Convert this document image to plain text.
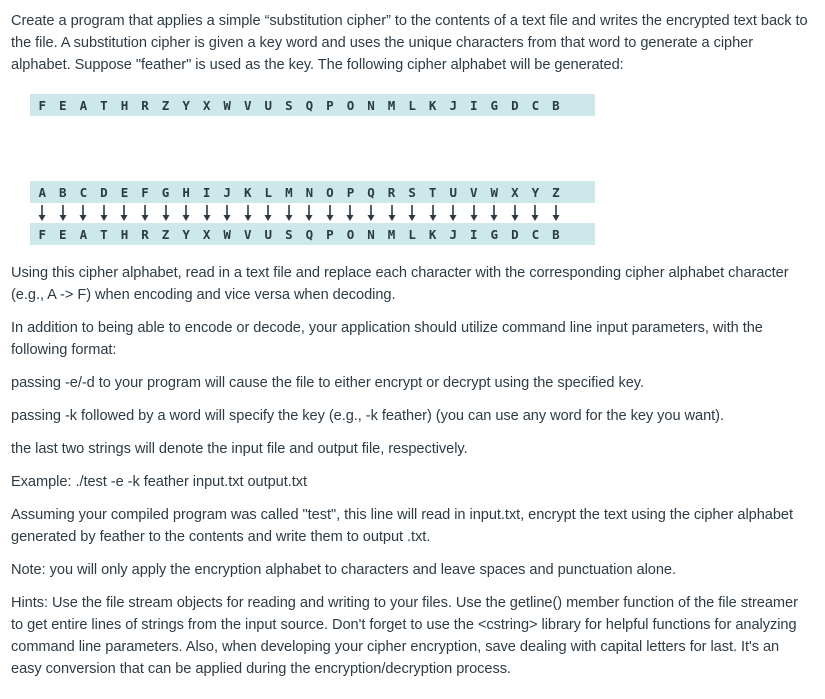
Create a program that applies a simple “substitution cipher” to the contents of a text file and writes the encrypted text back to the file. A substitution cipher is given a key word and uses the unique characters from that word to generate a cipher alphabet. Suppose "feather" is used as the key. The following cipher alphabet will be generated:

F	E	A	T	H	R	Z	Y	X	W	V	U	S	Q	P	O	N	M	L	K	J	I	G	D	C	B
A	B	C	D	E	F	G	H	I	J	K	L	M	N	O	P	Q	R	S	T	U	V	W	X	Y	Z
F	E	A	T	H	R	Z	Y	X	W	V	U	S	Q	P	O	N	M	L	K	J	I	G	D	C	B

Using this cipher alphabet, read in a text file and replace each character with the corresponding cipher alphabet character (e.g., A -> F) when encoding and vice versa when decoding.

In addition to being able to encode or decode, your application should utilize command line input parameters, with the following format:

passing -e/-d to your program will cause the file to either encrypt or decrypt using the specified key.

passing -k followed by a word will specify the key (e.g., -k feather) (you can use any word for the key you want).

the last two strings will denote the input file and output file, respectively.

Example: ./test -e -k feather input.txt output.txt

Assuming your compiled program was called "test", this line will read in input.txt, encrypt the text using the cipher alphabet generated by feather to the contents and write them to output .txt.

Note: you will only apply the encryption alphabet to characters and leave spaces and punctuation alone.

Hints: Use the file stream objects for reading and writing to your files. Use the getline() member function of the file streamer to get entire lines of strings from the input source. Don't forget to use the <cstring> library for helpful functions for analyzing command line parameters. Also, when developing your cipher encryption, save dealing with capital letters for last. It's an easy conversion that can be applied during the encryption/decryption process.
